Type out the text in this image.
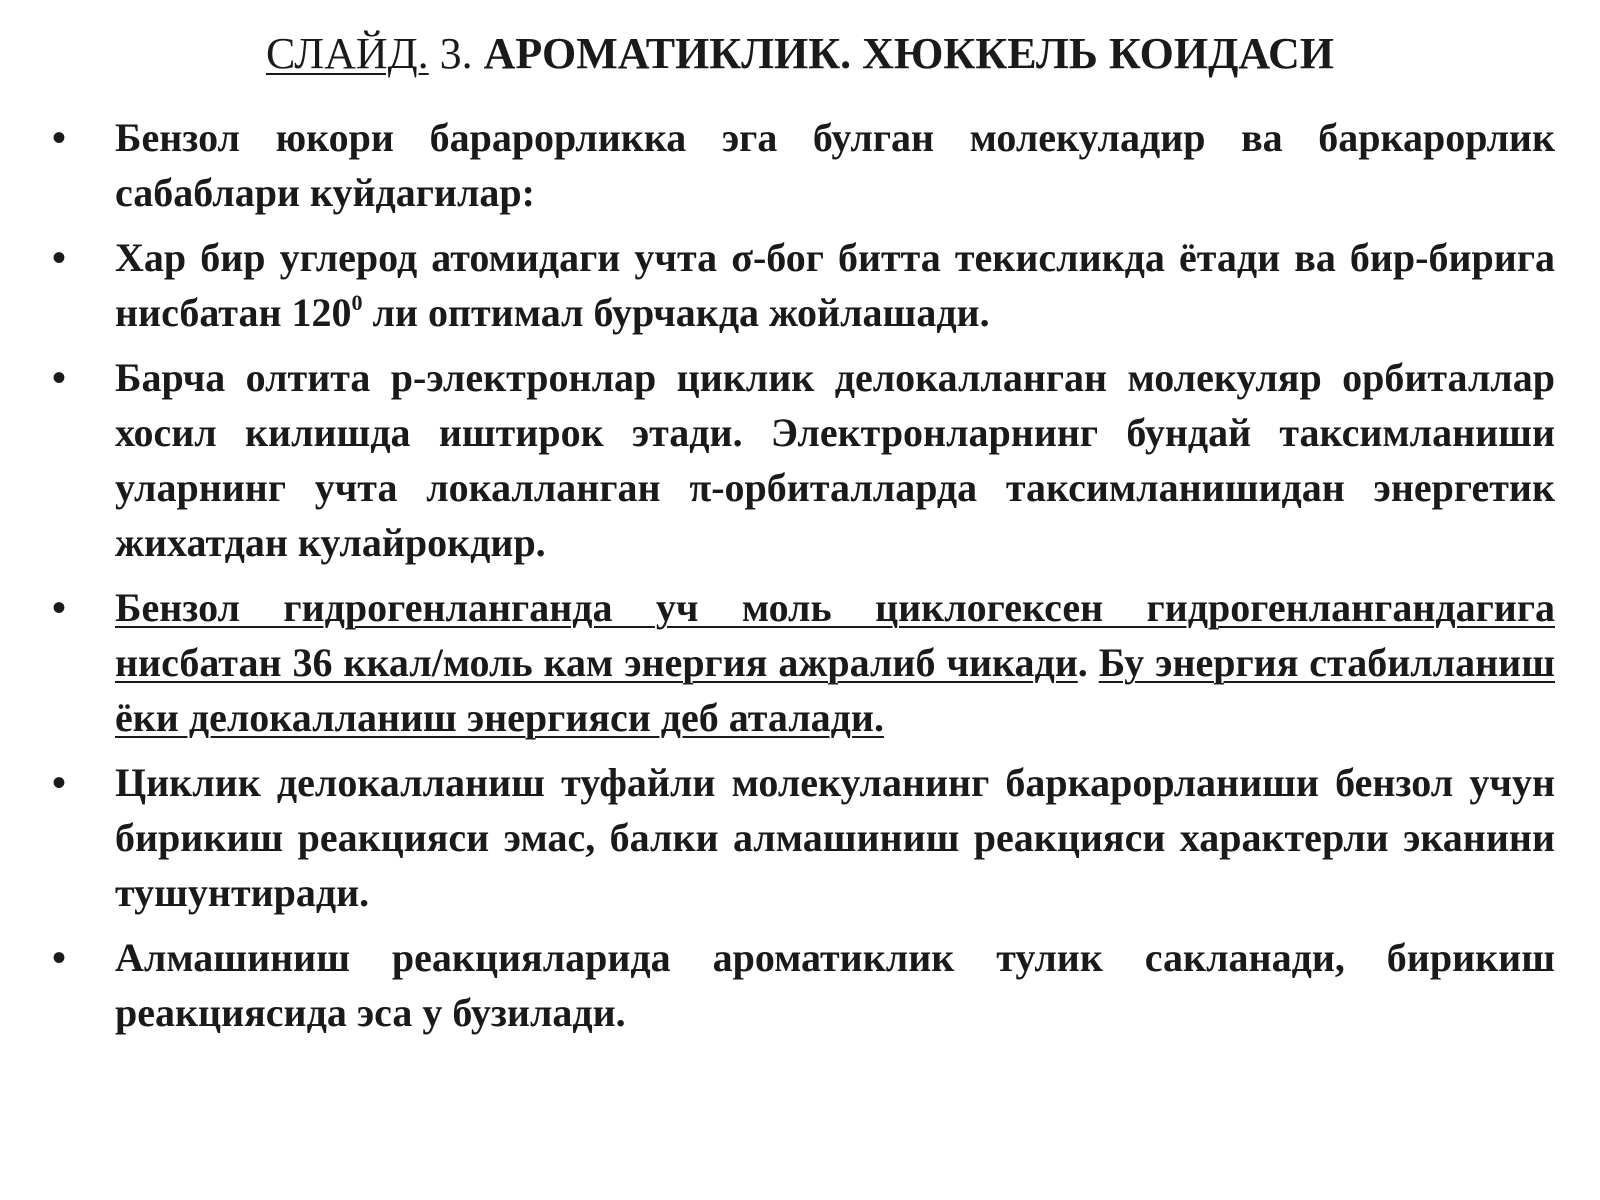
СЛАЙД. 3. АРОМАТИКЛИК. ХЮККЕЛЬ КОИДАСИ
• Бензол юкори барарорликка эга булган молекуладир ва баркарорлик сабаблари куйдагилар:
• Хар бир углерод атомидаги учта σ-бог битта текисликда ётади ва бир-бирига нисбатан $120^0$ ли оптимал бурчакда жойлашади.
• Барча олтита р-электронлар циклик делокалланган молекуляр орбиталлар хосил килишда иштирок этади. Электронларнинг бундай таксимланиши уларнинг учта локалланган π-орбиталларда таксимланишидан энергетик жихатдан кулайрокдир.
• Бензол гидрогенланганда уч моль циклогексен гидрогенлангандагига нисбатан 36 ккал/моль кам энергия ажралиб чикади. Бу энергия стабилланиш ёки делокалланиш энергияси деб аталади.
• Циклик делокалланиш туфайли молекуланинг баркарорланиши бензол учун бирикиш реакцияси эмас, балки алмашиниш реакцияси характерли эканини тушунтиради.
• Алмашиниш реакцияларида ароматиклик тулик сакланади, бирикиш реакциясида эса у бузилади.
